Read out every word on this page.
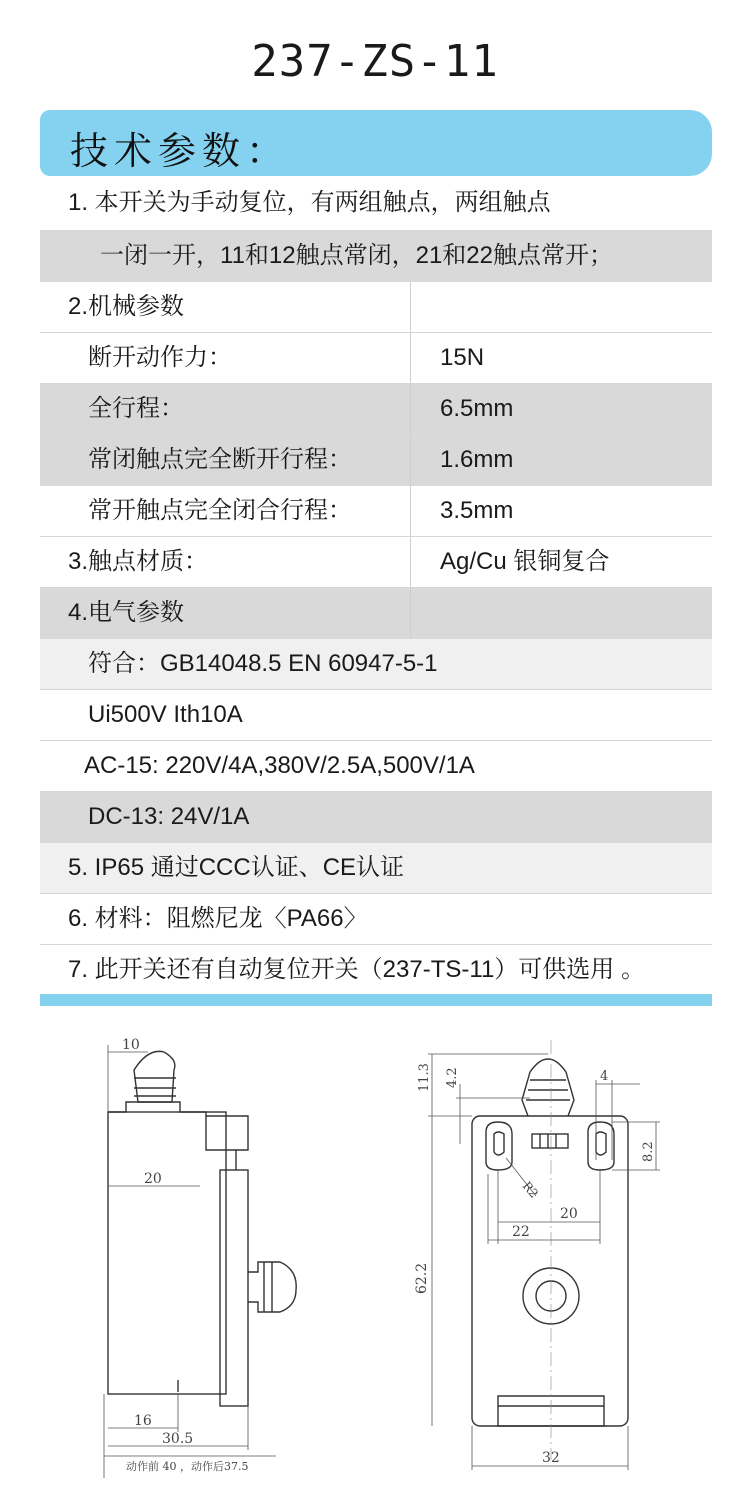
237-ZS-11
技术参数：
1. 本开关为手动复位，有两组触点，两组触点
一闭一开，11和12触点常闭，21和22触点常开；
2.机械参数
断开动作力：	15N
全行程：	6.5mm
常闭触点完全断开行程：	1.6mm
常开触点完全闭合行程：	3.5mm
3.触点材质：	Ag/Cu 银铜复合
4.电气参数
符合：GB14048.5 EN 60947-5-1
Ui500V Ith10A
AC-15: 220V/4A,380V/2.5A,500V/1A
DC-13: 24V/1A
5. IP65 通过CCC认证、CE认证
6. 材料：阻燃尼龙〈PA66〉
7. 此开关还有自动复位开关（237-TS-11）可供选用 。
10
20
16
30.5
动作前 40 ，动作后37.5
11.3 4.2	4
8.2
R2
20
22
62.2
32
